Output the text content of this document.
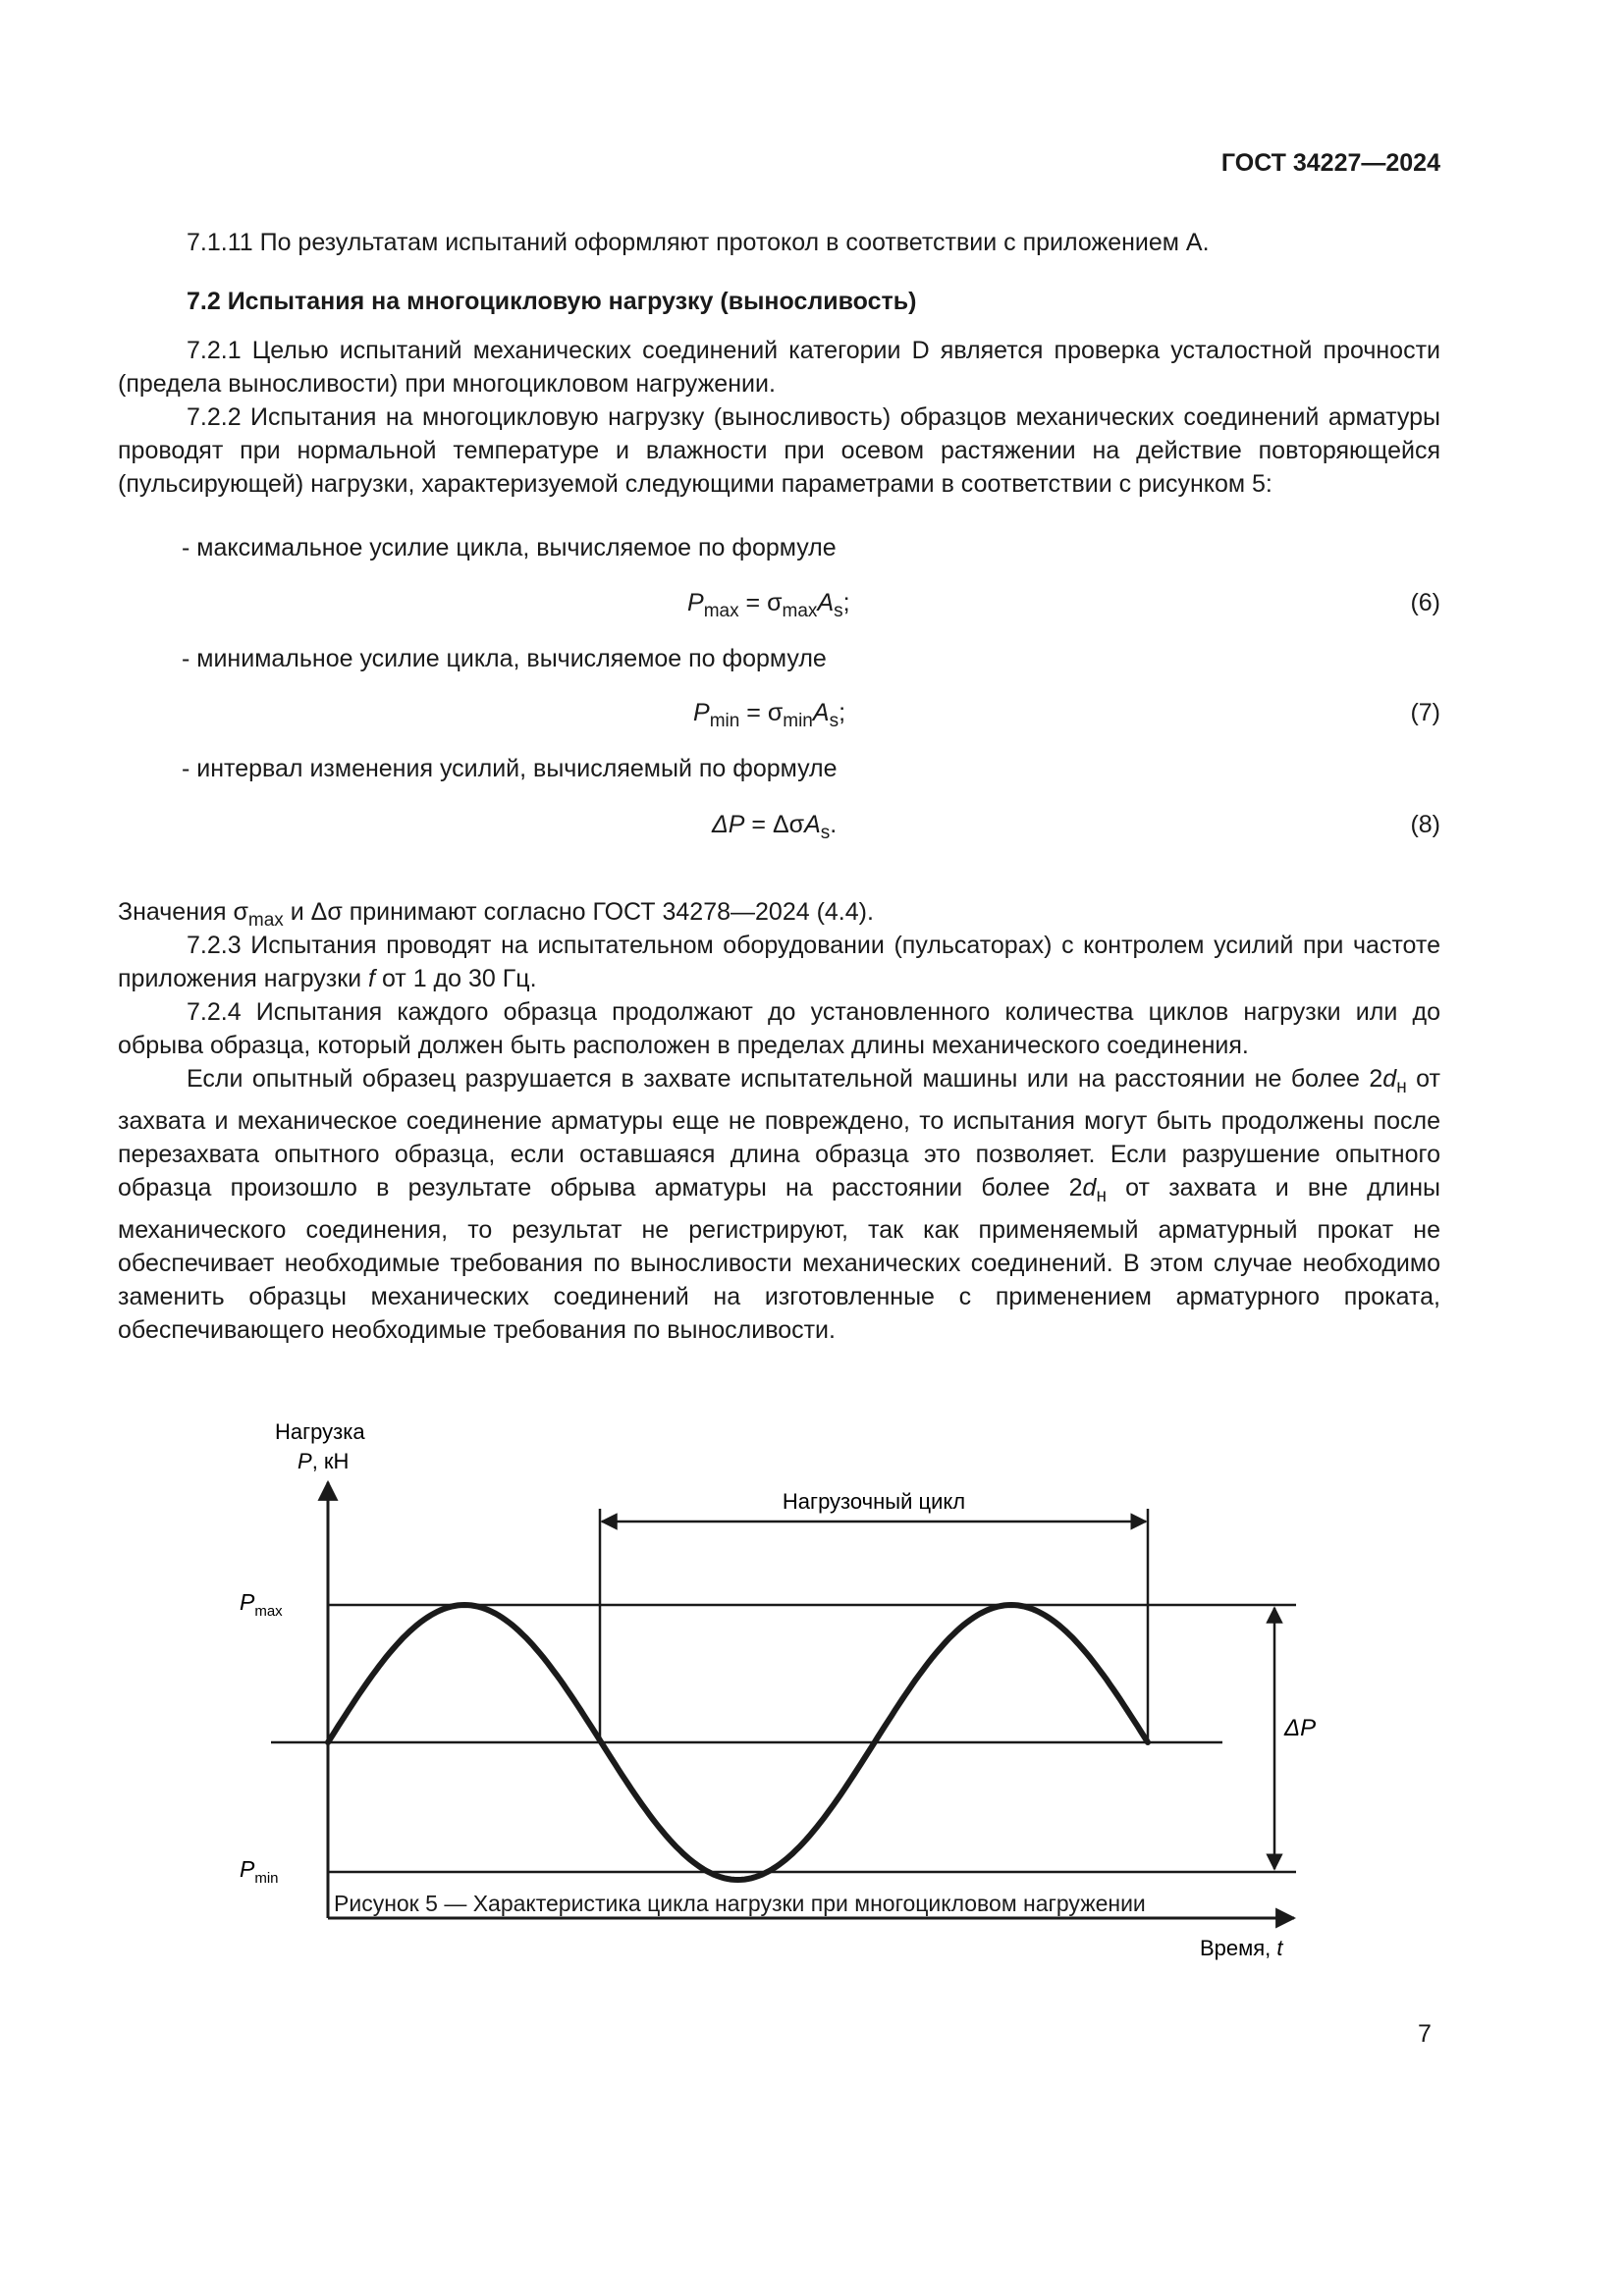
ГОСТ 34227—2024
7.1.11 По результатам испытаний оформляют протокол в соответствии с приложением А.
7.2 Испытания на многоцикловую нагрузку (выносливость)
7.2.1 Целью испытаний механических соединений категории D является проверка усталостной прочности (предела выносливости) при многоцикловом нагружении.
7.2.2 Испытания на многоцикловую нагрузку (выносливость) образцов механических соединений арматуры проводят при нормальной температуре и влажности при осевом растяжении на действие повторяющейся (пульсирующей) нагрузки, характеризуемой следующими параметрами в соответствии с рисунком 5:
- максимальное усилие цикла, вычисляемое по формуле
$P_{max} = \sigma_{max}A_s$;	(6)
- минимальное усилие цикла, вычисляемое по формуле
$P_{min} = \sigma_{min}A_s$;	(7)
- интервал изменения усилий, вычисляемый по формуле
ΔP = ΔσA$_s$.	(8)
Значения $\sigma_{max}$ и Δσ принимают согласно ГОСТ 34278—2024 (4.4).
7.2.3 Испытания проводят на испытательном оборудовании (пульсаторах) с контролем усилий при частоте приложения нагрузки f от 1 до 30 Гц.
7.2.4 Испытания каждого образца продолжают до установленного количества циклов нагрузки или до обрыва образца, который должен быть расположен в пределах длины механического соединения.
Если опытный образец разрушается в захвате испытательной машины или на расстоянии не более $2d_н$ от захвата и механическое соединение арматуры еще не повреждено, то испытания могут быть продолжены после перезахвата опытного образца, если оставшаяся длина образца это позволяет. Если разрушение опытного образца произошло в результате обрыва арматуры на расстоянии более $2d_н$ от захвата и вне длины механического соединения, то результат не регистрируют, так как применяемый арматурный прокат не обеспечивает необходимые требования по выносливости механических соединений. В этом случае необходимо заменить образцы механических соединений на изготовленные с применением арматурного проката, обеспечивающего необходимые требования по выносливости.
Нагрузка
P, кН
Время, t
$P_{max}$
$P_{min}$
Нагрузочный цикл
ΔP
Рисунок 5 — Характеристика цикла нагрузки при многоцикловом нагружении
7
